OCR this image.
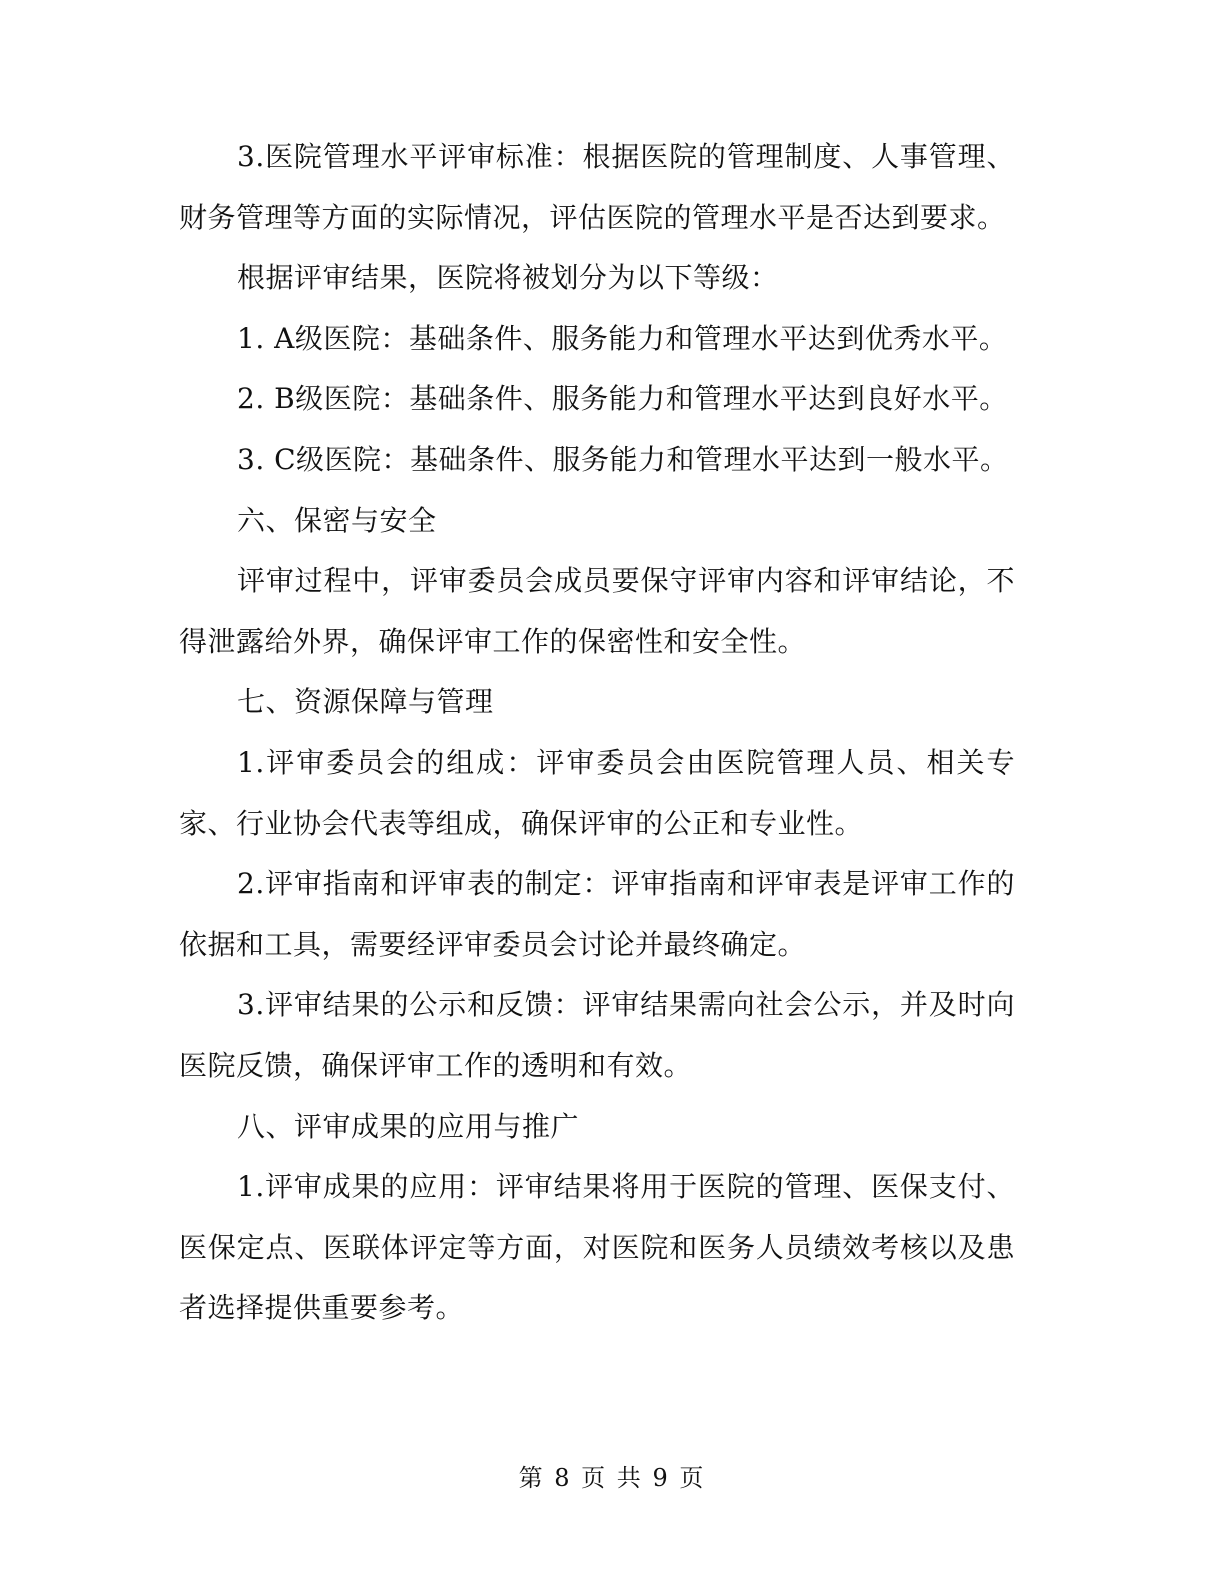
3.医院管理水平评审标准：根据医院的管理制度、人事管理、财务管理等方面的实际情况，评估医院的管理水平是否达到要求。

根据评审结果，医院将被划分为以下等级：

1. A级医院：基础条件、服务能力和管理水平达到优秀水平。

2. B级医院：基础条件、服务能力和管理水平达到良好水平。

3. C级医院：基础条件、服务能力和管理水平达到一般水平。

六、保密与安全

评审过程中，评审委员会成员要保守评审内容和评审结论，不得泄露给外界，确保评审工作的保密性和安全性。

七、资源保障与管理

1.评审委员会的组成：评审委员会由医院管理人员、相关专家、行业协会代表等组成，确保评审的公正和专业性。

2.评审指南和评审表的制定：评审指南和评审表是评审工作的依据和工具，需要经评审委员会讨论并最终确定。

3.评审结果的公示和反馈：评审结果需向社会公示，并及时向医院反馈，确保评审工作的透明和有效。

八、评审成果的应用与推广

1.评审成果的应用：评审结果将用于医院的管理、医保支付、医保定点、医联体评定等方面，对医院和医务人员绩效考核以及患者选择提供重要参考。

第 8 页 共 9 页
